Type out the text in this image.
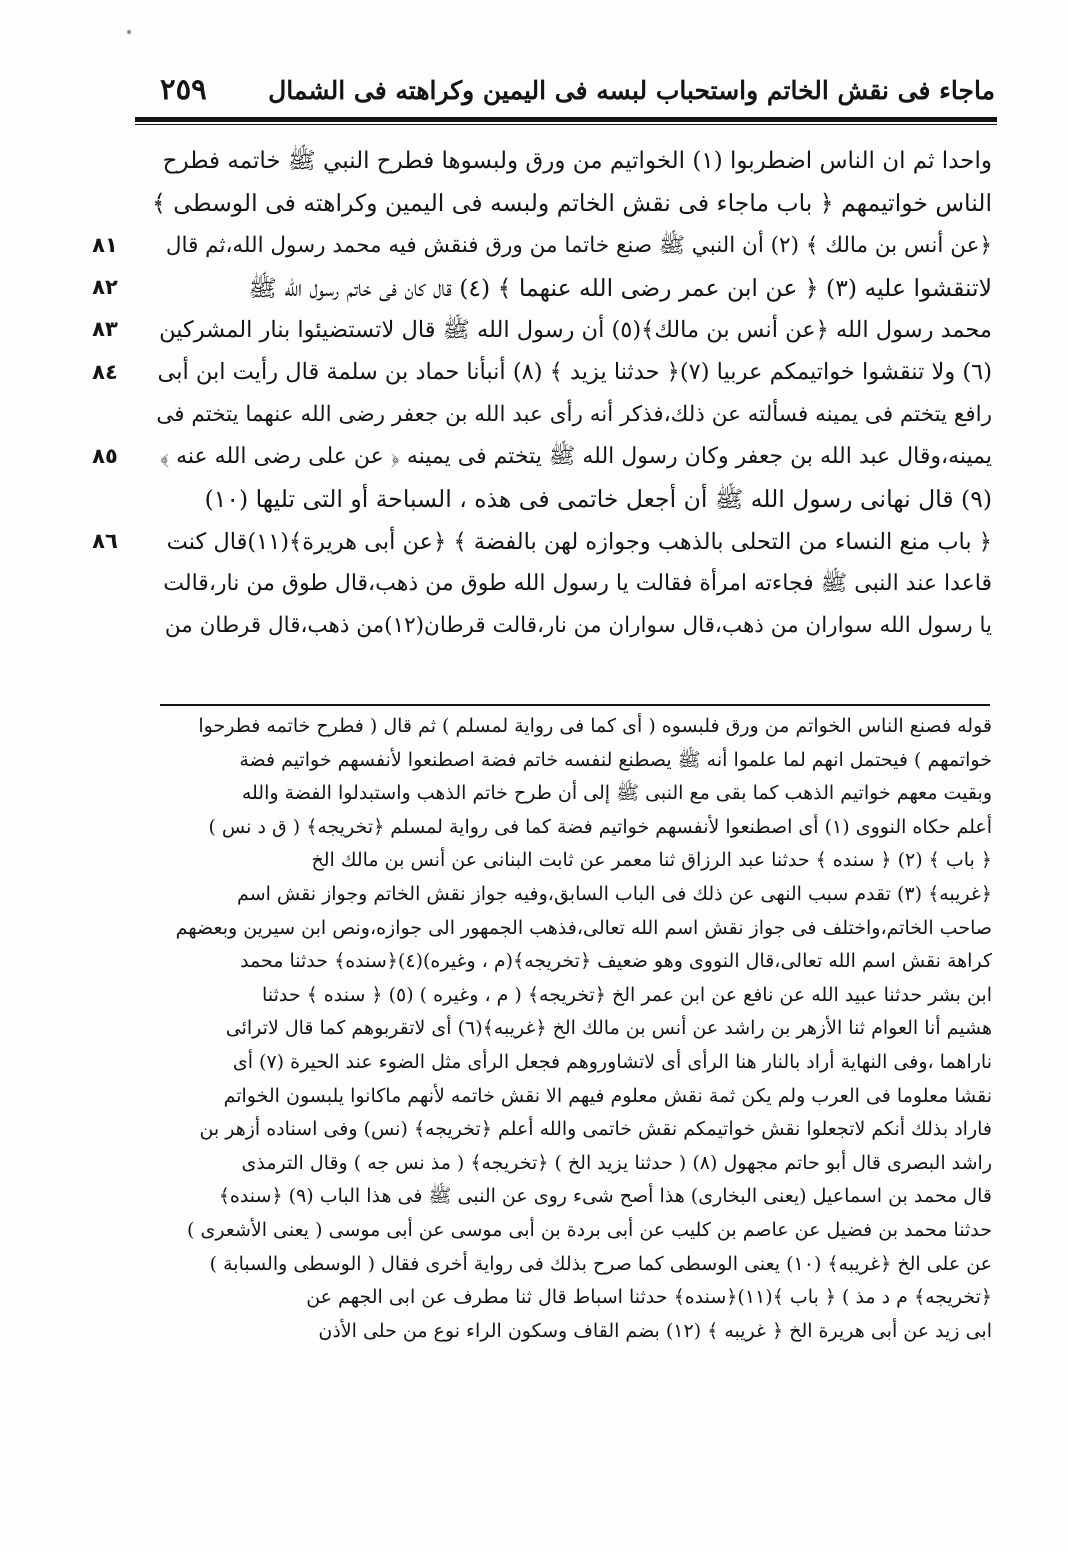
ماجاء فى نقش الخاتم واستحباب لبسه فى اليمين وكراهته فى الشمال
٢٥٩
واحدا ثم ان الناس اضطربوا (١) الخواتيم من ورق ولبسوها فطرح النبي ﷺ خاتمه فطرح
الناس خواتيمهم ﴿ باب ماجاء فى نقش الخاتم ولبسه فى اليمين وكراهته فى الوسطى ﴾
﴿عن أنس بن مالك ﴾ (٢) أن النبي ﷺ صنع خاتما من ورق فنقش فيه محمد رسول الله،ثم قال
لاتنقشوا عليه (٣) ﴿ عن ابن عمر رضى الله عنهما ﴾ (٤) قال كان فى خاتم رسول الله ﷺ
محمد رسول الله ﴿عن أنس بن مالك﴾(٥) أن رسول الله ﷺ قال لاتستضيئوا بنار المشركين
(٦) ولا تنقشوا خواتيمكم عربيا (٧)﴿ حدثنا يزيد ﴾ (٨) أنبأنا حماد بن سلمة قال رأيت ابن أبى
رافع يتختم فى يمينه فسألته عن ذلك،فذكر أنه رأى عبد الله بن جعفر رضى الله عنهما يتختم فى
يمينه،وقال عبد الله بن جعفر وكان رسول الله ﷺ يتختم فى يمينه ﴿ عن على رضى الله عنه ﴾
(٩) قال نهانى رسول الله ﷺ أن أجعل خاتمى فى هذه ، السباحة أو التى تليها (١٠)
﴿ باب منع النساء من التحلى بالذهب وجوازه لهن بالفضة ﴾ ﴿عن أبى هريرة﴾(١١)قال كنت
قاعدا عند النبى ﷺ فجاءته امرأة فقالت يا رسول الله طوق من ذهب،قال طوق من نار،قالت
يا رسول الله سواران من ذهب،قال سواران من نار،قالت قرطان(١٢)من ذهب،قال قرطان من
٨١
٨٢
٨٣
٨٤
٨٥
٨٦
قوله فصنع الناس الخواتم من ورق فلبسوه ( أى كما فى رواية لمسلم ) ثم قال ( فطرح خاتمه فطرحوا
خواتمهم ) فيحتمل انهم لما علموا أنه ﷺ يصطنع لنفسه خاتم فضة اصطنعوا لأنفسهم خواتيم فضة
وبقيت معهم خواتيم الذهب كما بقى مع النبى ﷺ إلى أن طرح خاتم الذهب واستبدلوا الفضة والله
أعلم حكاه النووى (١) أى اصطنعوا لأنفسهم خواتيم فضة كما فى رواية لمسلم ﴿تخريجه﴾ ( ق د نس )
﴿ باب ﴾ (٢) ﴿ سنده ﴾ حدثنا عبد الرزاق ثنا معمر عن ثابت البنانى عن أنس بن مالك الخ
﴿غريبه﴾ (٣) تقدم سبب النهى عن ذلك فى الباب السابق،وفيه جواز نقش الخاتم وجواز نقش اسم
صاحب الخاتم،واختلف فى جواز نقش اسم الله تعالى،فذهب الجمهور الى جوازه،ونص ابن سيرين وبعضهم
كراهة نقش اسم الله تعالى،قال النووى وهو ضعيف ﴿تخريجه﴾(م ، وغيره)(٤)﴿سنده﴾ حدثنا محمد
ابن بشر حدثنا عبيد الله عن نافع عن ابن عمر الخ ﴿تخريجه﴾ ( م ، وغيره ) (٥) ﴿ سنده ﴾ حدثنا
هشيم أنا العوام ثنا الأزهر بن راشد عن أنس بن مالك الخ ﴿غريبه﴾(٦) أى لاتقربوهم كما قال لاترائى
ناراهما ،وفى النهاية أراد بالنار هنا الرأى أى لاتشاوروهم فجعل الرأى مثل الضوء عند الحيرة (٧) أى
نقشا معلوما فى العرب ولم يكن ثمة نقش معلوم فيهم الا نقش خاتمه لأنهم ماكانوا يلبسون الخواتم
فاراد بذلك أنكم لاتجعلوا نقش خواتيمكم نقش خاتمى والله أعلم ﴿تخريجه﴾ (نس) وفى اسناده أزهر بن
راشد البصرى قال أبو حاتم مجهول (٨) ( حدثنا يزيد الخ ) ﴿تخريجه﴾ ( مذ نس جه ) وقال الترمذى
قال محمد بن اسماعيل (يعنى البخارى) هذا أصح شىء روى عن النبى ﷺ فى هذا الباب (٩) ﴿سنده﴾
حدثنا محمد بن فضيل عن عاصم بن كليب عن أبى بردة بن أبى موسى عن أبى موسى ( يعنى الأشعرى )
عن على الخ ﴿غريبه﴾ (١٠) يعنى الوسطى كما صرح بذلك فى رواية أخرى فقال ( الوسطى والسبابة )
﴿تخريجه﴾ م د مذ ) ﴿ باب ﴾(١١)﴿سنده﴾ حدثنا اسباط قال ثنا مطرف عن ابى الجهم عن
ابى زيد عن أبى هريرة الخ ﴿ غريبه ﴾ (١٢) بضم القاف وسكون الراء نوع من حلى الأذن
